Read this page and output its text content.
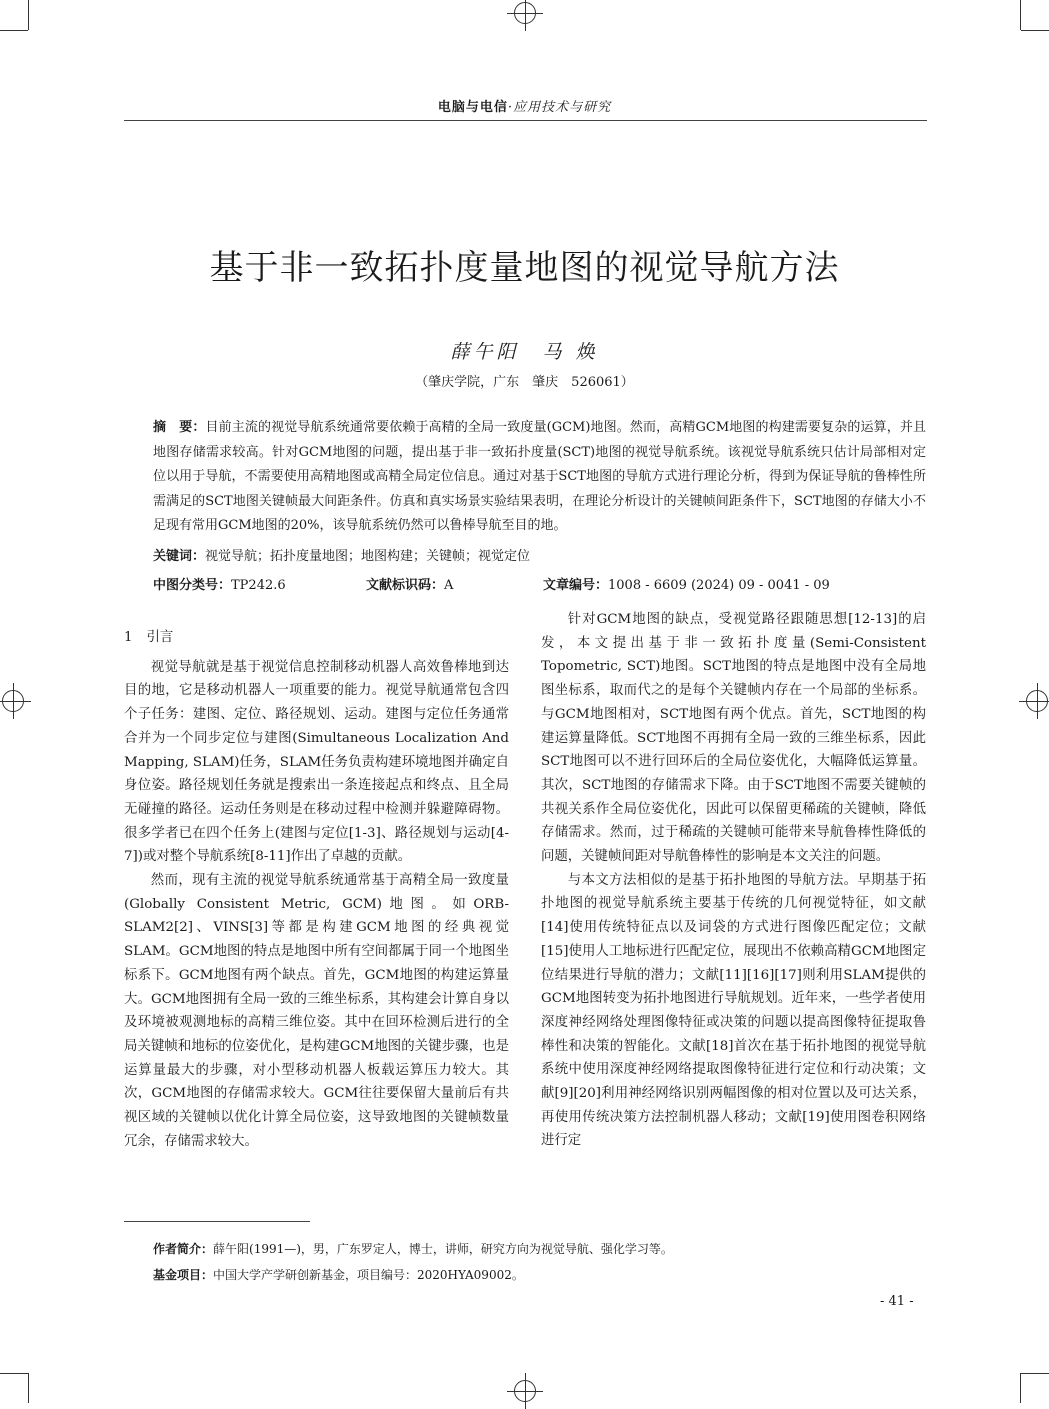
电脑与电信·应用技术与研究
基于非一致拓扑度量地图的视觉导航方法
薛午阳　马 焕
（肇庆学院，广东　肇庆　526061）
摘　要：目前主流的视觉导航系统通常要依赖于高精的全局一致度量(GCM)地图。然而，高精GCM地图的构建需要复杂的运算，并且地图存储需求较高。针对GCM地图的问题，提出基于非一致拓扑度量(SCT)地图的视觉导航系统。该视觉导航系统只估计局部相对定位以用于导航，不需要使用高精地图或高精全局定位信息。通过对基于SCT地图的导航方式进行理论分析，得到为保证导航的鲁棒性所需满足的SCT地图关键帧最大间距条件。仿真和真实场景实验结果表明，在理论分析设计的关键帧间距条件下，SCT地图的存储大小不足现有常用GCM地图的20%，该导航系统仍然可以鲁棒导航至目的地。
关键词：视觉导航；拓扑度量地图；地图构建；关键帧；视觉定位
中图分类号：TP242.6	文献标识码：A	文章编号：1008 - 6609 (2024) 09 - 0041 - 09
1 引言

视觉导航就是基于视觉信息控制移动机器人高效鲁棒地到达目的地，它是移动机器人一项重要的能力。视觉导航通常包含四个子任务：建图、定位、路径规划、运动。建图与定位任务通常合并为一个同步定位与建图(Simultaneous Localization And Mapping, SLAM)任务，SLAM任务负责构建环境地图并确定自身位姿。路径规划任务就是搜索出一条连接起点和终点、且全局无碰撞的路径。运动任务则是在移动过程中检测并躲避障碍物。很多学者已在四个任务上(建图与定位[1-3]、路径规划与运动[4-7])或对整个导航系统[8-11]作出了卓越的贡献。

然而，现有主流的视觉导航系统通常基于高精全局一致度量(Globally Consistent Metric, GCM)地图。如ORB-SLAM2[2]、VINS[3]等都是构建GCM地图的经典视觉SLAM。GCM地图的特点是地图中所有空间都属于同一个地图坐标系下。GCM地图有两个缺点。首先，GCM地图的构建运算量大。GCM地图拥有全局一致的三维坐标系，其构建会计算自身以及环境被观测地标的高精三维位姿。其中在回环检测后进行的全局关键帧和地标的位姿优化，是构建GCM地图的关键步骤，也是运算量最大的步骤，对小型移动机器人板载运算压力较大。其次，GCM地图的存储需求较大。GCM往往要保留大量前后有共视区域的关键帧以优化计算全局位姿，这导致地图的关键帧数量冗余，存储需求较大。

针对GCM地图的缺点，受视觉路径跟随思想[12-13]的启发，本文提出基于非一致拓扑度量(Semi-Consistent Topometric, SCT)地图。SCT地图的特点是地图中没有全局地图坐标系，取而代之的是每个关键帧内存在一个局部的坐标系。与GCM地图相对，SCT地图有两个优点。首先，SCT地图的构建运算量降低。SCT地图不再拥有全局一致的三维坐标系，因此SCT地图可以不进行回环后的全局位姿优化，大幅降低运算量。其次，SCT地图的存储需求下降。由于SCT地图不需要关键帧的共视关系作全局位姿优化，因此可以保留更稀疏的关键帧，降低存储需求。然而，过于稀疏的关键帧可能带来导航鲁棒性降低的问题，关键帧间距对导航鲁棒性的影响是本文关注的问题。

与本文方法相似的是基于拓扑地图的导航方法。早期基于拓扑地图的视觉导航系统主要基于传统的几何视觉特征，如文献[14]使用传统特征点以及词袋的方式进行图像匹配定位；文献[15]使用人工地标进行匹配定位，展现出不依赖高精GCM地图定位结果进行导航的潜力；文献[11][16][17]则利用SLAM提供的GCM地图转变为拓扑地图进行导航规划。近年来，一些学者使用深度神经网络处理图像特征或决策的问题以提高图像特征提取鲁棒性和决策的智能化。文献[18]首次在基于拓扑地图的视觉导航系统中使用深度神经网络提取图像特征进行定位和行动决策；文献[9][20]利用神经网络识别两幅图像的相对位置以及可达关系，再使用传统决策方法控制机器人移动；文献[19]使用图卷积网络进行定

作者简介：薛午阳(1991—)，男，广东罗定人，博士，讲师，研究方向为视觉导航、强化学习等。
基金项目：中国大学产学研创新基金，项目编号：2020HYA09002。
- 41 -
